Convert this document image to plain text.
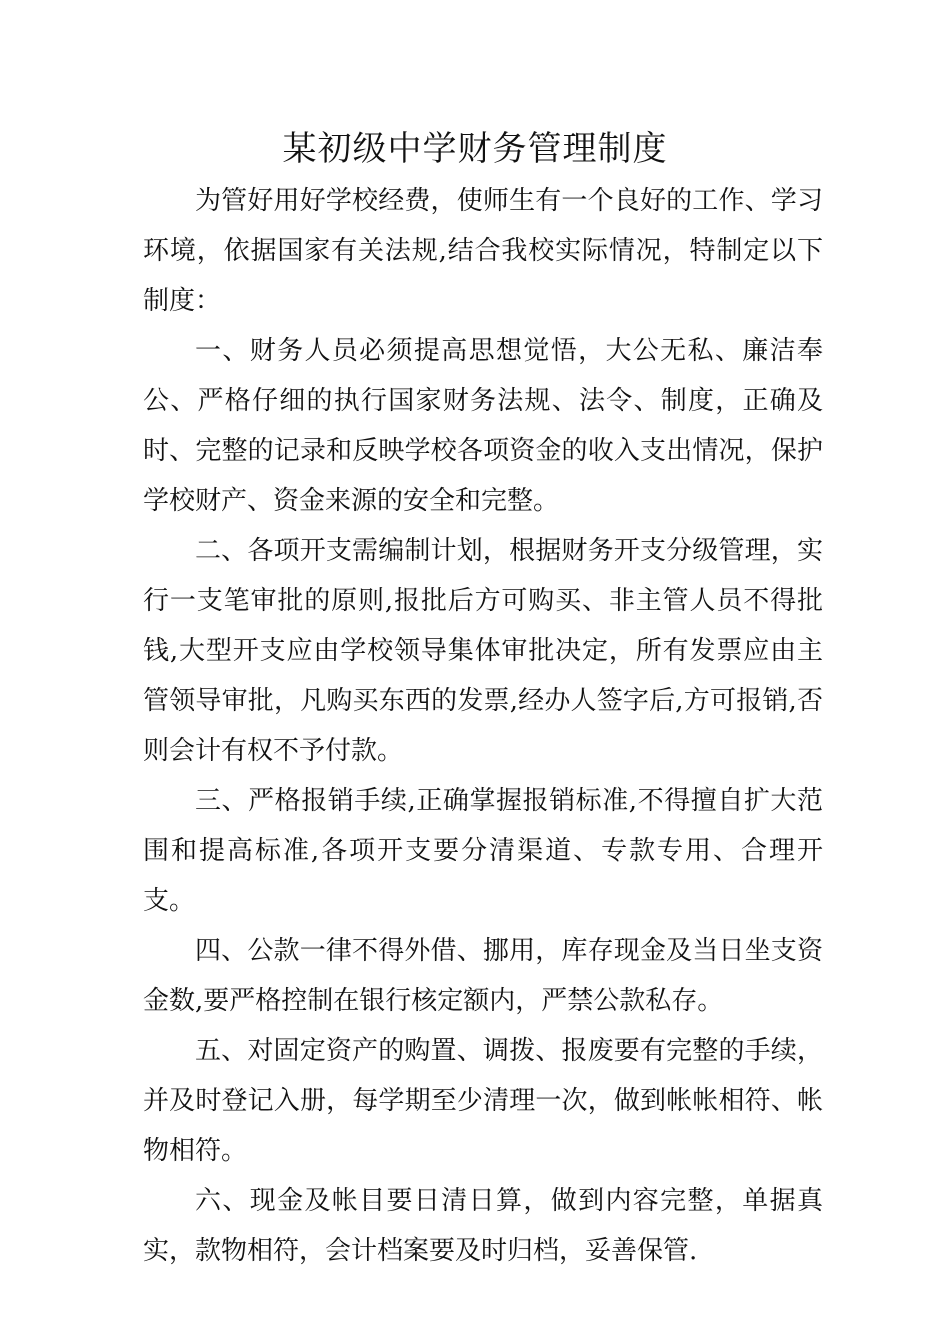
某初级中学财务管理制度

为管好用好学校经费，使师生有一个良好的工作、学习环境，依据国家有关法规,结合我校实际情况，特制定以下制度：

一、财务人员必须提高思想觉悟，大公无私、廉洁奉公、严格仔细的执行国家财务法规、法令、制度，正确及时、完整的记录和反映学校各项资金的收入支出情况，保护学校财产、资金来源的安全和完整。

二、各项开支需编制计划，根据财务开支分级管理，实行一支笔审批的原则,报批后方可购买、非主管人员不得批钱,大型开支应由学校领导集体审批决定，所有发票应由主管领导审批，凡购买东西的发票,经办人签字后,方可报销,否则会计有权不予付款。

三、严格报销手续,正确掌握报销标准,不得擅自扩大范围和提高标准,各项开支要分清渠道、专款专用、合理开支。

四、公款一律不得外借、挪用，库存现金及当日坐支资金数,要严格控制在银行核定额内，严禁公款私存。

五、对固定资产的购置、调拨、报废要有完整的手续，并及时登记入册，每学期至少清理一次，做到帐帐相符、帐物相符。

六、现金及帐目要日清日算，做到内容完整，单据真实，款物相符，会计档案要及时归档，妥善保管.
